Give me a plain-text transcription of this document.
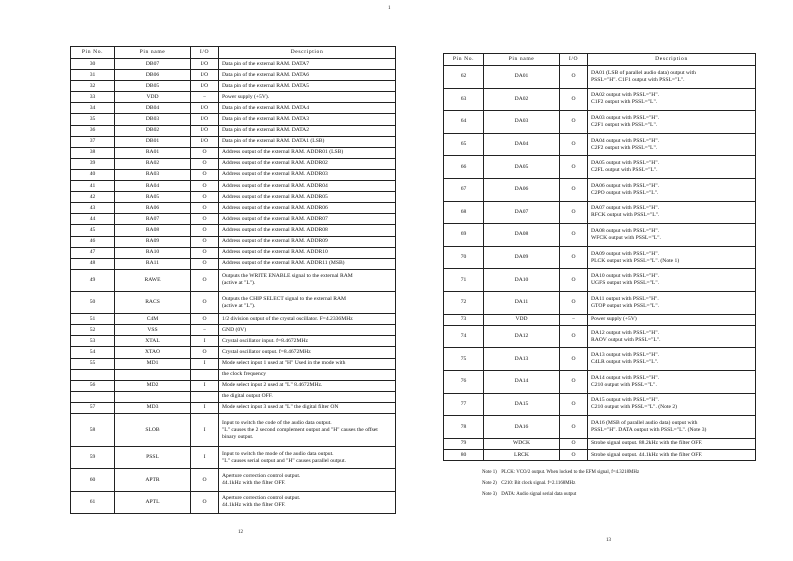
1
Pin No.	Pin name	I/O	Description
30	DB07	I/O	Data pin of the external RAM. DATA7
31	DB06	I/O	Data pin of the external RAM. DATA6
32	DB05	I/O	Data pin of the external RAM. DATA5
33	VDD	−	Power supply (+5V).
34	DB04	I/O	Data pin of the external RAM. DATA4
35	DB03	I/O	Data pin of the external RAM. DATA3
36	DB02	I/O	Data pin of the external RAM. DATA2
37	DB01	I/O	Data pin of the external RAM. DATA1 (LSB)
38	RA01	O	Address output of the external RAM. ADDR01 (LSB)
39	RA02	O	Address output of the external RAM. ADDR02
40	RA03	O	Address output of the external RAM. ADDR03
41	RA04	O	Address output of the external RAM. ADDR04
42	RA05	O	Address output of the external RAM. ADDR05
43	RA06	O	Address output of the external RAM. ADDR06
44	RA07	O	Address output of the external RAM. ADDR07
45	RA08	O	Address output of the external RAM. ADDR08
46	RA09	O	Address output of the external RAM. ADDR09
47	RA10	O	Address output of the external RAM. ADDR10
48	RA11	O	Address output of the external RAM. ADDR11 (MSB)
49	RAWE	O	Outputs the WRITE ENABLE signal to the external RAM
(active at "L").
50	RACS	O	Outputs the CHIP SELECT signal to the external RAM
(active at "L").
51	C4M	O	1/2 division output of the crystal oscillator. F=4.2336MHz
52	VSS	−	GND (0V)
53	XTAL	I	Crystal oscillator input. f=8.4672MHz
54	XTAO	O	Crystal oscillator output. f=8.4672MHz
55	MD1	I	Mode select input 1 used at "H" Used in the mode with
			the clock frequency
56	MD2	I	Mode select input 2 used at "L" 8.4672MHz.
			the digital output OFF.
57	MD3	I	Mode select input 3 used at "L" the digital filter ON
58	SLOB	I	Input to switch the code of the audio data output.
"L" causes the 2 second complement output and "H" causes the offset
binary output.
59	PSSL	I	Input to switch the mode of the audio data output.
"L" causes serial output and "H" causes parallel output.
60	APTR	O	Aperture correction control output.
44.1kHz with the filter OFF.
61	APTL	O	Aperture correction control output.
44.1kHz with the filter OFF.
Pin No.	Pin name	I/O	Description
62	DA01	O	DA01 (LSB of parallel audio data) output with
PSSL="H". C1F1 output with PSSL="L".
63	DA02	O	DA02 output with PSSL="H".
C1F2 output with PSSL="L".
64	DA03	O	DA03 output with PSSL="H".
C2F1 output with PSSL="L".
65	DA04	O	DA04 output with PSSL="H".
C2F2 output with PSSL="L".
66	DA05	O	DA05 output with PSSL="H".
C2FL output with PSSL="L".
67	DA06	O	DA06 output with PSSL="H".
C2PO output with PSSL="L".
68	DA07	O	DA07 output with PSSL="H".
RFCK output with PSSL="L".
69	DA08	O	DA08 output with PSSL="H".
WFCK output with PSSL="L".
70	DA09	O	DA09 output with PSSL="H".
PLCK output with PSSL="L". (Note 1)
71	DA10	O	DA10 output with PSSL="H".
UGFS output with PSSL="L".
72	DA11	O	DA11 output with PSSL="H".
GTOP output with PSSL="L".
73	VDD	−	Power supply (+5V)
74	DA12	O	DA12 output with PSSL="H".
RAOV output with PSSL="L".
75	DA13	O	DA13 output with PSSL="H".
C4LR output with PSSL="L".
76	DA14	O	DA14 output with PSSL="H".
C210 output with PSSL="L".
77	DA15	O	DA15 output with PSSL="H".
C210 output with PSSL="L". (Note 2)
78	DA16	O	DA16 (MSB of parallel audio data) output with
PSSL="H". DATA output with PSSL="L". (Note 3)
79	WDCK	O	Strobe signal output. 88.2kHz with the filter OFF.
80	LRCK	O	Strobe signal output. 44.1kHz with the filter OFF.
Note 1) PLCK: VCO/2 output. When locked to the EFM signal, f=4.3218MHz
Note 2) C210: Bit clock signal. f=2.1168MHz
Note 3) DATA: Audio signal serial data output
12
13
